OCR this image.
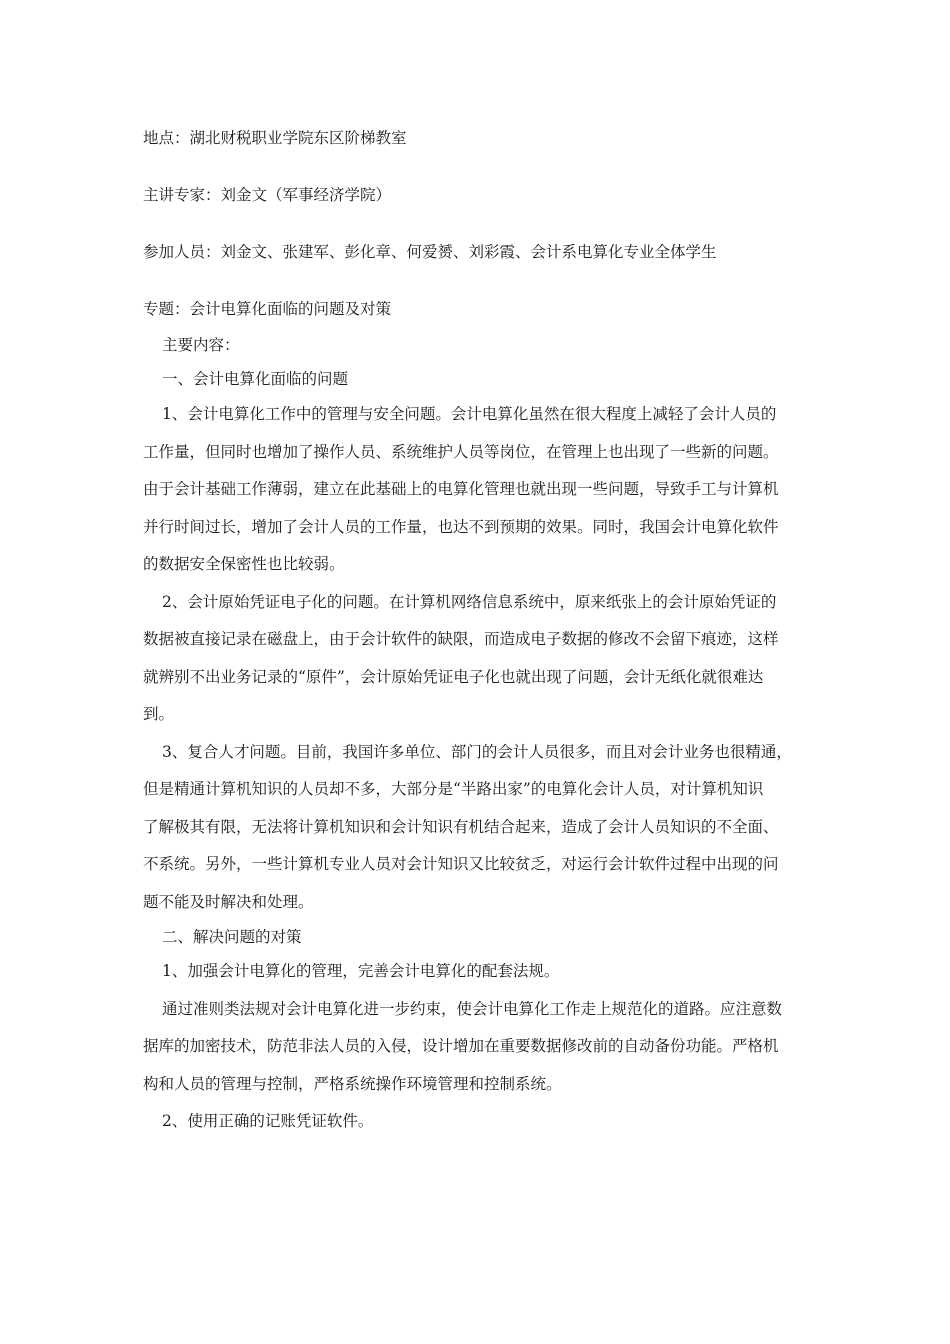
地点：湖北财税职业学院东区阶梯教室
主讲专家：刘金文（军事经济学院）
参加人员：刘金文、张建军、彭化章、何爱赟、刘彩霞、会计系电算化专业全体学生
专题：会计电算化面临的问题及对策

主要内容：

一、会计电算化面临的问题

1、会计电算化工作中的管理与安全问题。会计电算化虽然在很大程度上减轻了会计人员的
工作量，但同时也增加了操作人员、系统维护人员等岗位，在管理上也出现了一些新的问题。
由于会计基础工作薄弱，建立在此基础上的电算化管理也就出现一些问题，导致手工与计算机
并行时间过长，增加了会计人员的工作量，也达不到预期的效果。同时，我国会计电算化软件
的数据安全保密性也比较弱。
2、会计原始凭证电子化的问题。在计算机网络信息系统中，原来纸张上的会计原始凭证的
数据被直接记录在磁盘上，由于会计软件的缺限，而造成电子数据的修改不会留下痕迹，这样
就辨别不出业务记录的“原件”，会计原始凭证电子化也就出现了问题，会计无纸化就很难达
到。
3、复合人才问题。目前，我国许多单位、部门的会计人员很多，而且对会计业务也很精通，
但是精通计算机知识的人员却不多，大部分是“半路出家”的电算化会计人员，对计算机知识
了解极其有限，无法将计算机知识和会计知识有机结合起来，造成了会计人员知识的不全面、
不系统。另外，一些计算机专业人员对会计知识又比较贫乏，对运行会计软件过程中出现的问
题不能及时解决和处理。

二、解决问题的对策

1、加强会计电算化的管理，完善会计电算化的配套法规。

通过准则类法规对会计电算化进一步约束，使会计电算化工作走上规范化的道路。应注意数
据库的加密技术，防范非法人员的入侵，设计增加在重要数据修改前的自动备份功能。严格机
构和人员的管理与控制，严格系统操作环境管理和控制系统。

2、使用正确的记账凭证软件。
